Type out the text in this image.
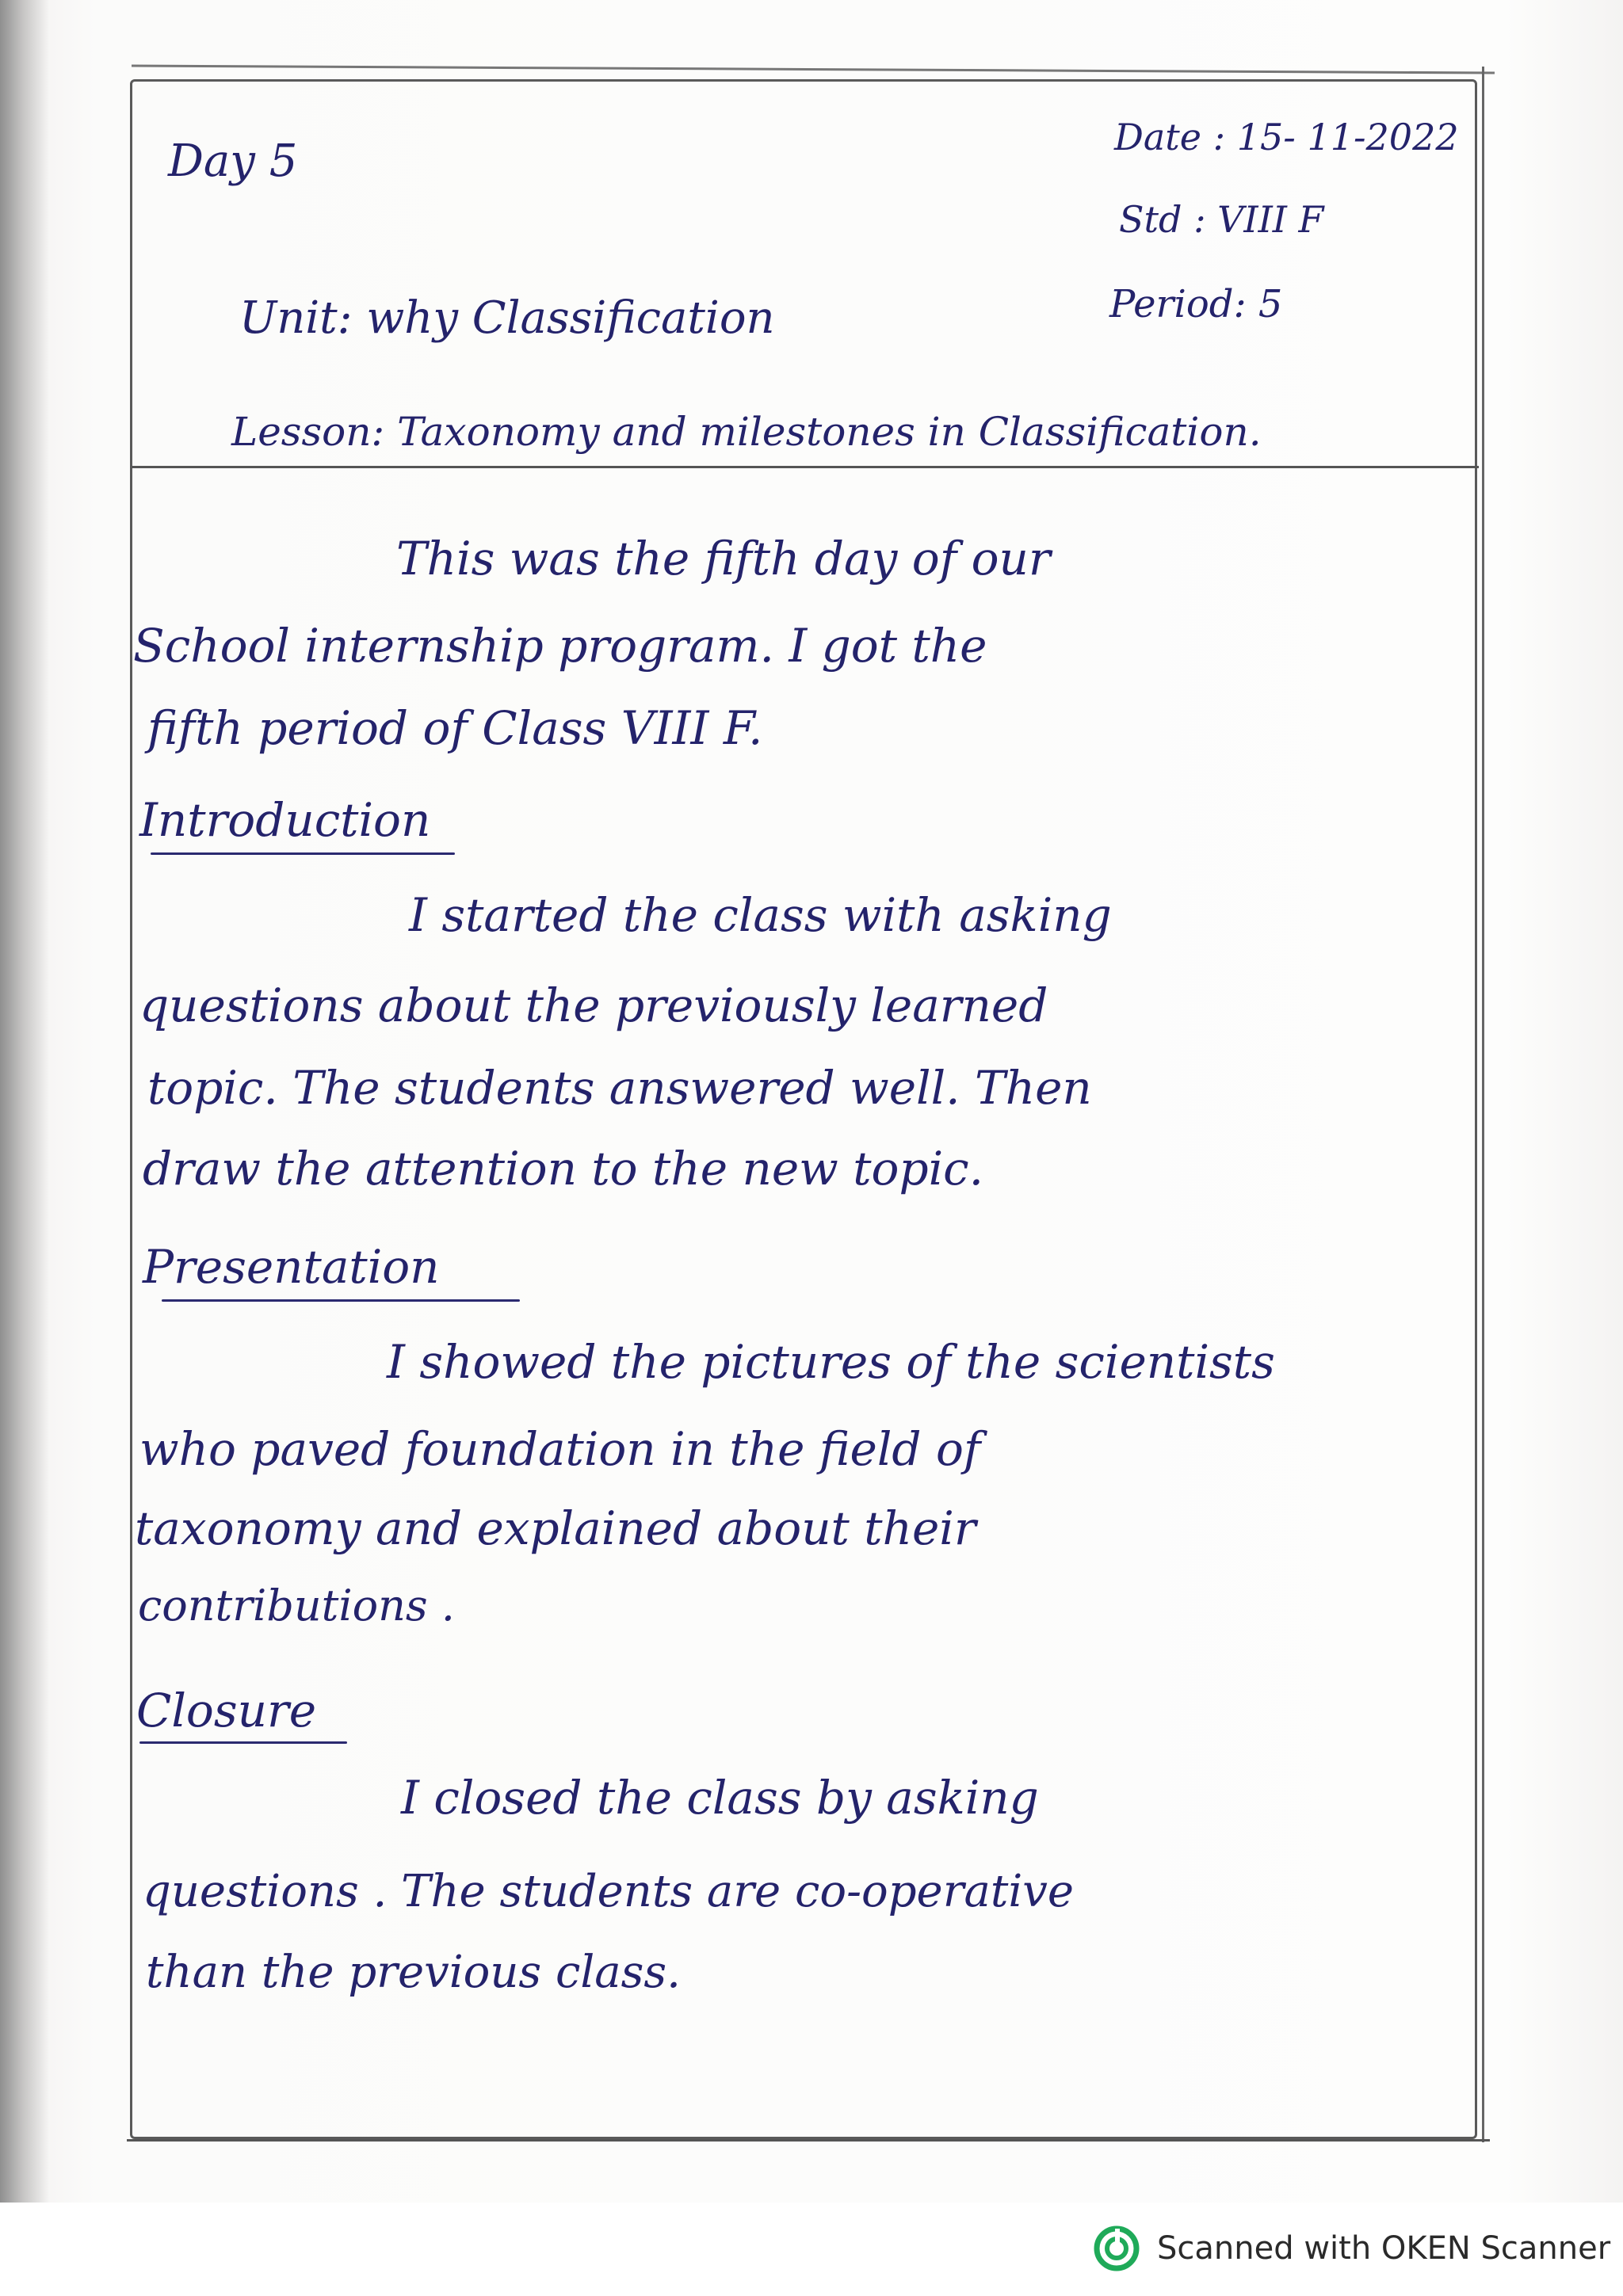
Day 5	Date : 15- 11-2022
Std : VIII F
Period: 5
Unit: why Classification
Lesson: Taxonomy and milestones in Classification.
This was the fifth day of our
School internship program. I got the
fifth period of Class VIII F.
Introduction
I started the class with asking
questions about the previously learned
topic. The students answered well. Then
draw the attention to the new topic.
Presentation
I showed the pictures of the scientists
who paved foundation in the field of
taxonomy and explained about their
contributions .
Closure
I closed the class by asking
questions . The students are co-operative
than the previous class.
Scanned with OKEN Scanner
